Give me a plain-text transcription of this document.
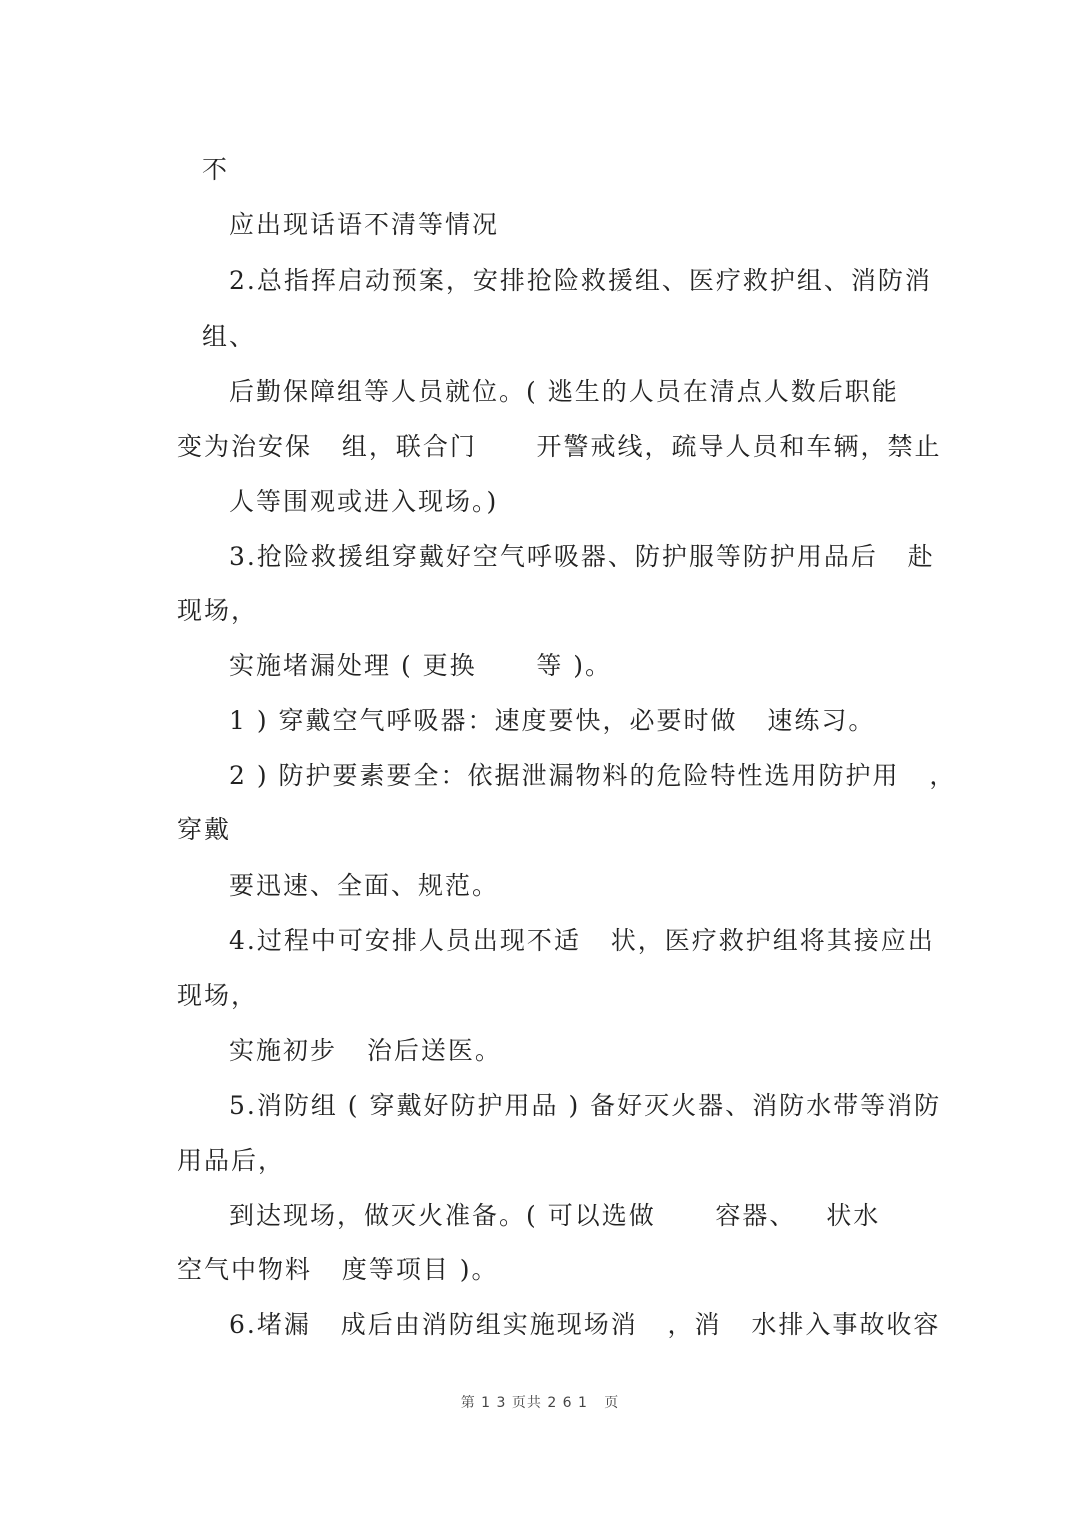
不
应出现话语不清等情况
2.总指挥启动预案，安排抢险救援组、医疗救护组、消防消
组、
后勤保障组等人员就位。( 逃生的人员在清点人数后职能
变为治安保   组，联合门      开警戒线，疏导人员和车辆，禁止
人等围观或进入现场。)
3.抢险救援组穿戴好空气呼吸器、防护服等防护用品后   赴
现场，
实施堵漏处理 ( 更换      等 )。
1 ) 穿戴空气呼吸器：速度要快，必要时做   速练习。
2 ) 防护要素要全：依据泄漏物料的危险特性选用防护用   ，
穿戴
要迅速、全面、规范。
4.过程中可安排人员出现不适   状，医疗救护组将其接应出
现场，
实施初步   治后送医。
5.消防组 ( 穿戴好防护用品 ) 备好灭火器、消防水带等消防
用品后，
到达现场，做灭火准备。( 可以选做      容器、   状水
空气中物料   度等项目 )。
6.堵漏   成后由消防组实施现场消   ，消   水排入事故收容
第 1 3 页共 2 6 1   页
